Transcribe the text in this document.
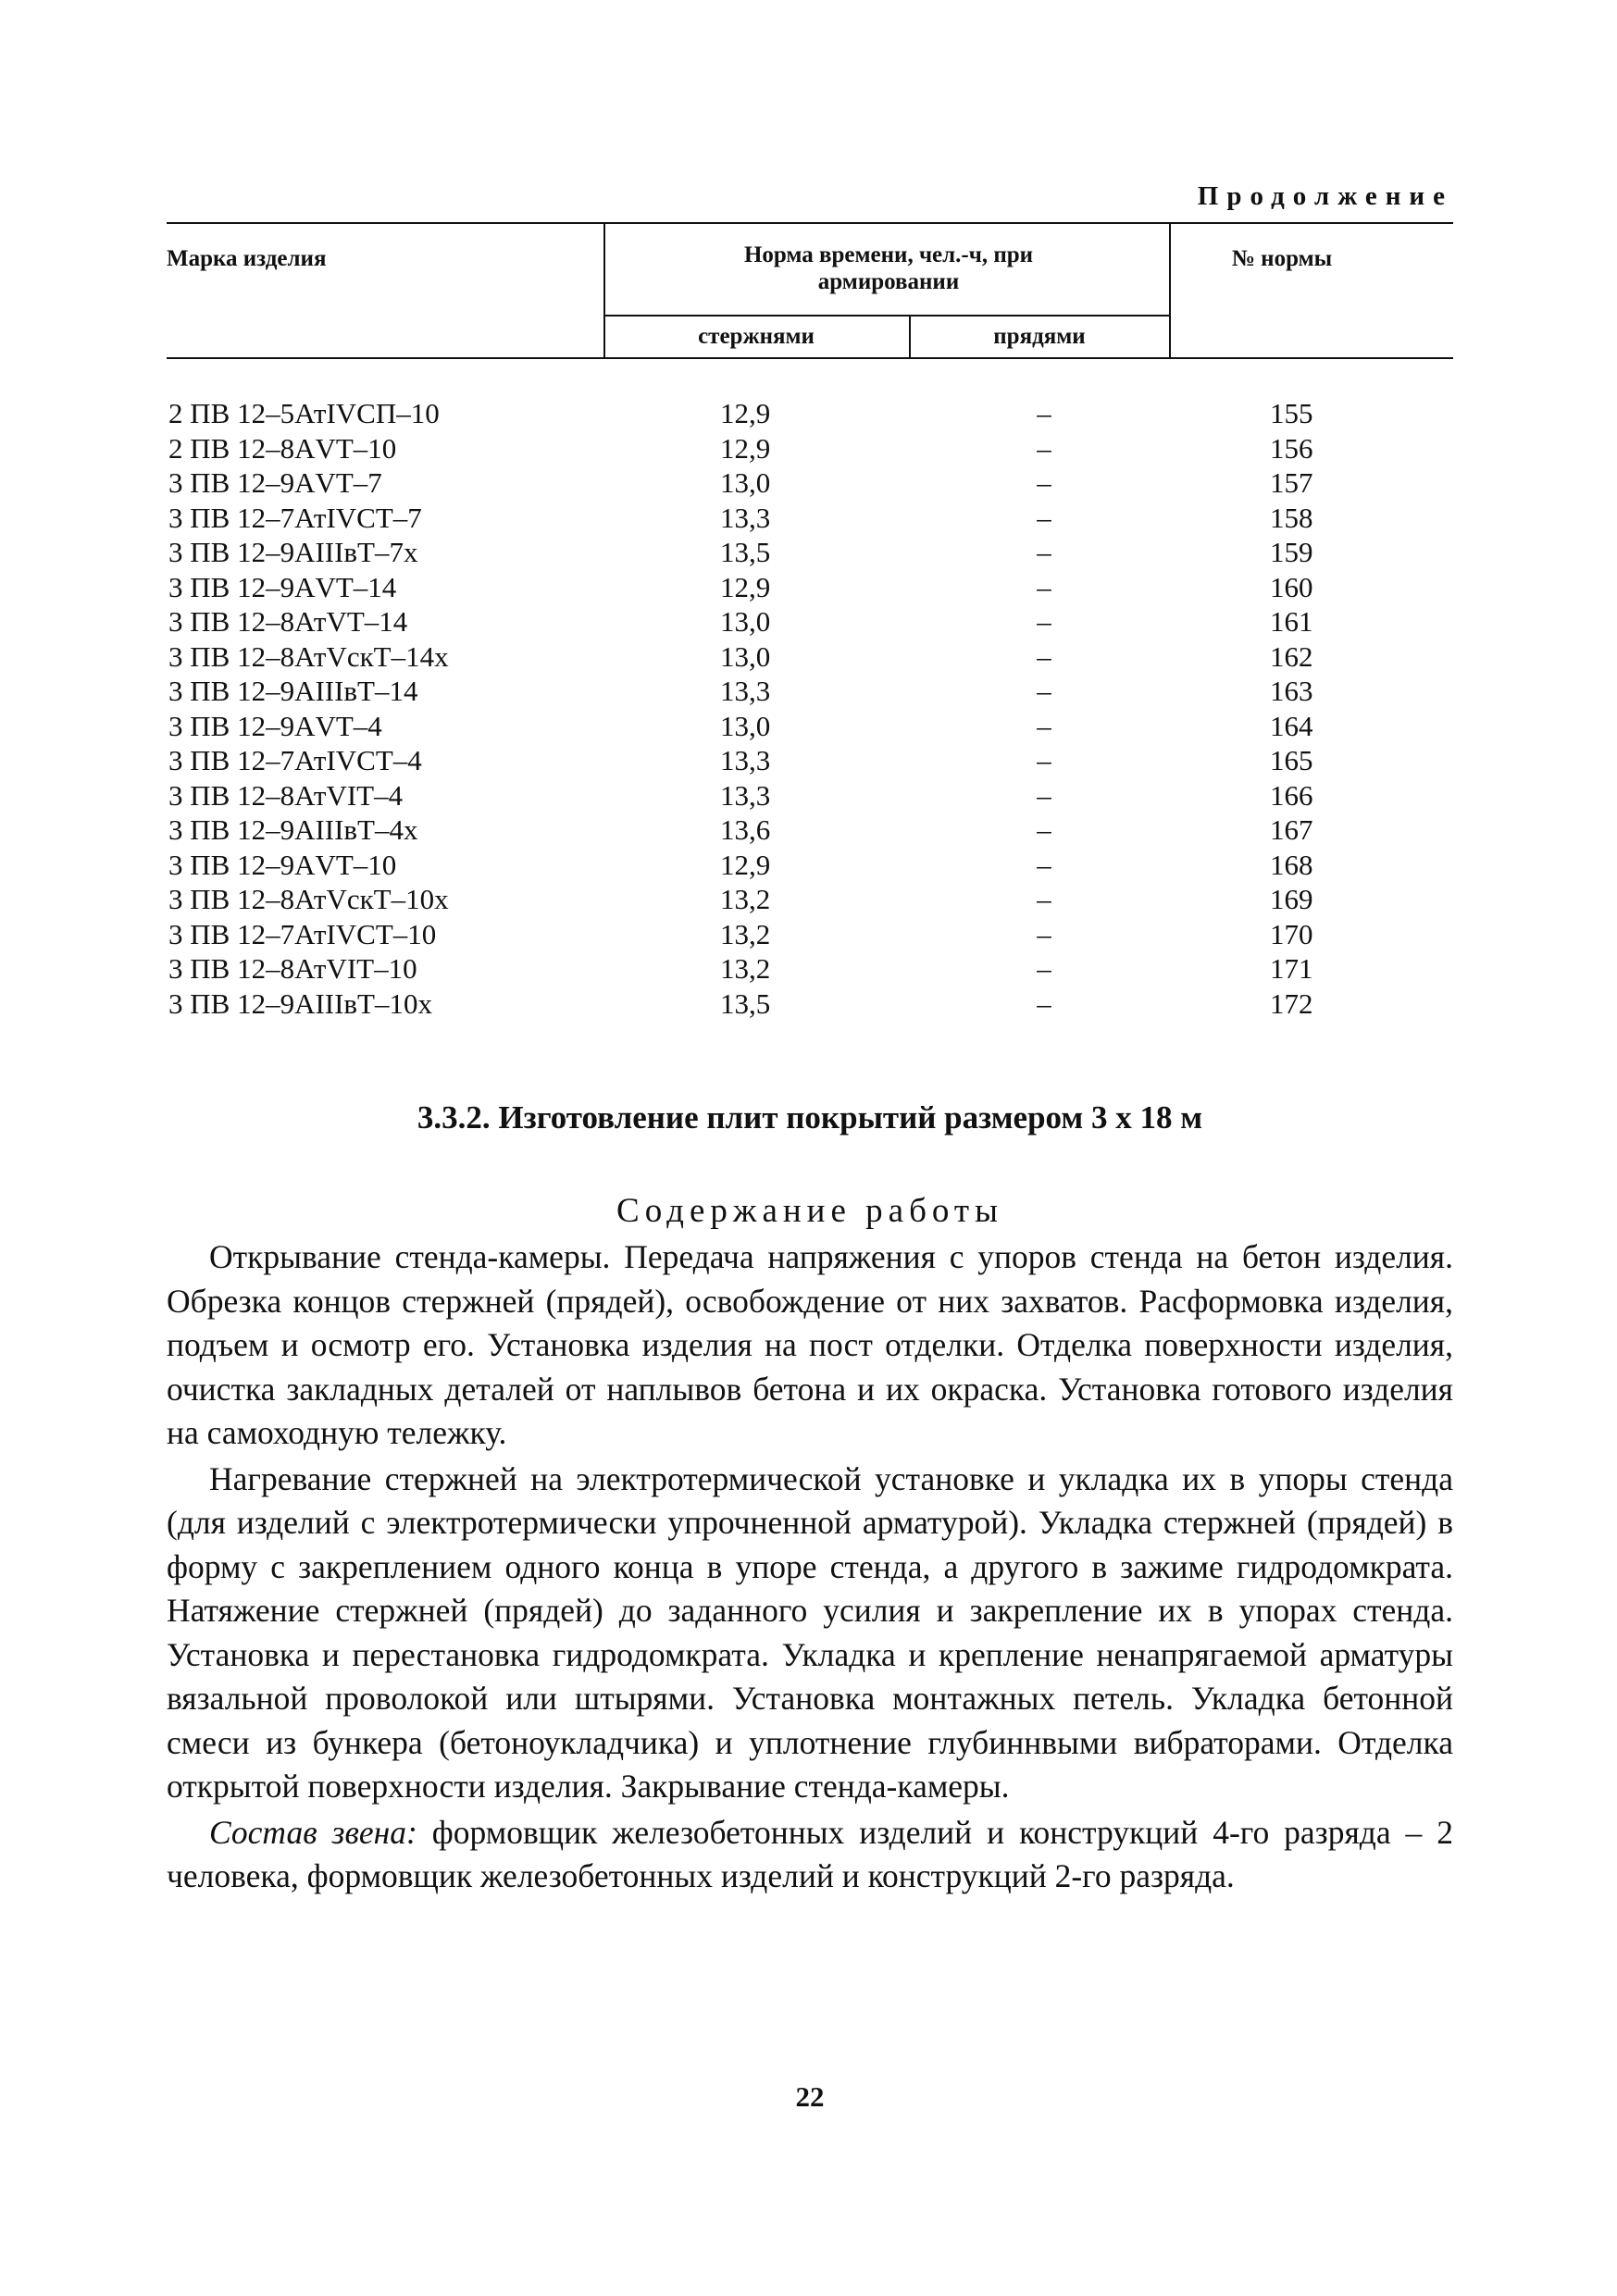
Продолжение
Марка изделия	Норма времени, чел.-ч, при армировании
стержнями	прядями
№ нормы
2 ПВ 12–5АтIVСП–10	12,9	–	155
2 ПВ 12–8АVТ–10	12,9	–	156
3 ПВ 12–9АVТ–7	13,0	–	157
3 ПВ 12–7АтIVСТ–7	13,3	–	158
3 ПВ 12–9АIIIвТ–7х	13,5	–	159
3 ПВ 12–9АVТ–14	12,9	–	160
3 ПВ 12–8АтVТ–14	13,0	–	161
3 ПВ 12–8АтVскТ–14х	13,0	–	162
3 ПВ 12–9АIIIвТ–14	13,3	–	163
3 ПВ 12–9АVТ–4	13,0	–	164
3 ПВ 12–7АтIVСТ–4	13,3	–	165
3 ПВ 12–8АтVIТ–4	13,3	–	166
3 ПВ 12–9АIIIвТ–4х	13,6	–	167
3 ПВ 12–9АVТ–10	12,9	–	168
3 ПВ 12–8АтVскТ–10х	13,2	–	169
3 ПВ 12–7АтIVСТ–10	13,2	–	170
3 ПВ 12–8АтVIТ–10	13,2	–	171
3 ПВ 12–9АIIIвТ–10х	13,5	–	172
3.3.2. Изготовление плит покрытий размером 3 х 18 м
Содержание работы

Открывание стенда-камеры. Передача напряжения с упоров стенда на бетон изделия. Обрезка концов стержней (прядей), освобождение от них захватов. Расформовка изделия, подъем и осмотр его. Установка изделия на пост отделки. Отделка поверхности изделия, очистка закладных деталей от наплывов бетона и их окраска. Установка готового изделия на самоходную тележку.

Нагревание стержней на электротермической установке и укладка их в упоры стенда (для изделий с электротермически упрочненной арматурой). Укладка стержней (прядей) в форму с закреплением одного конца в упоре стенда, а другого в зажиме гидродомкрата. Натяжение стержней (прядей) до заданного усилия и закрепление их в упорах стенда. Установка и перестановка гидродомкрата. Укладка и крепление ненапрягаемой арматуры вязальной проволокой или штырями. Установка монтажных петель. Укладка бетонной смеси из бункера (бетоноукладчика) и уплотнение глубиннвыми вибраторами. Отделка открытой поверхности изделия. Закрывание стенда-камеры.

Состав звена: формовщик железобетонных изделий и конструкций 4-го разряда – 2 человека, формовщик железобетонных изделий и конструкций 2-го разряда.

22
